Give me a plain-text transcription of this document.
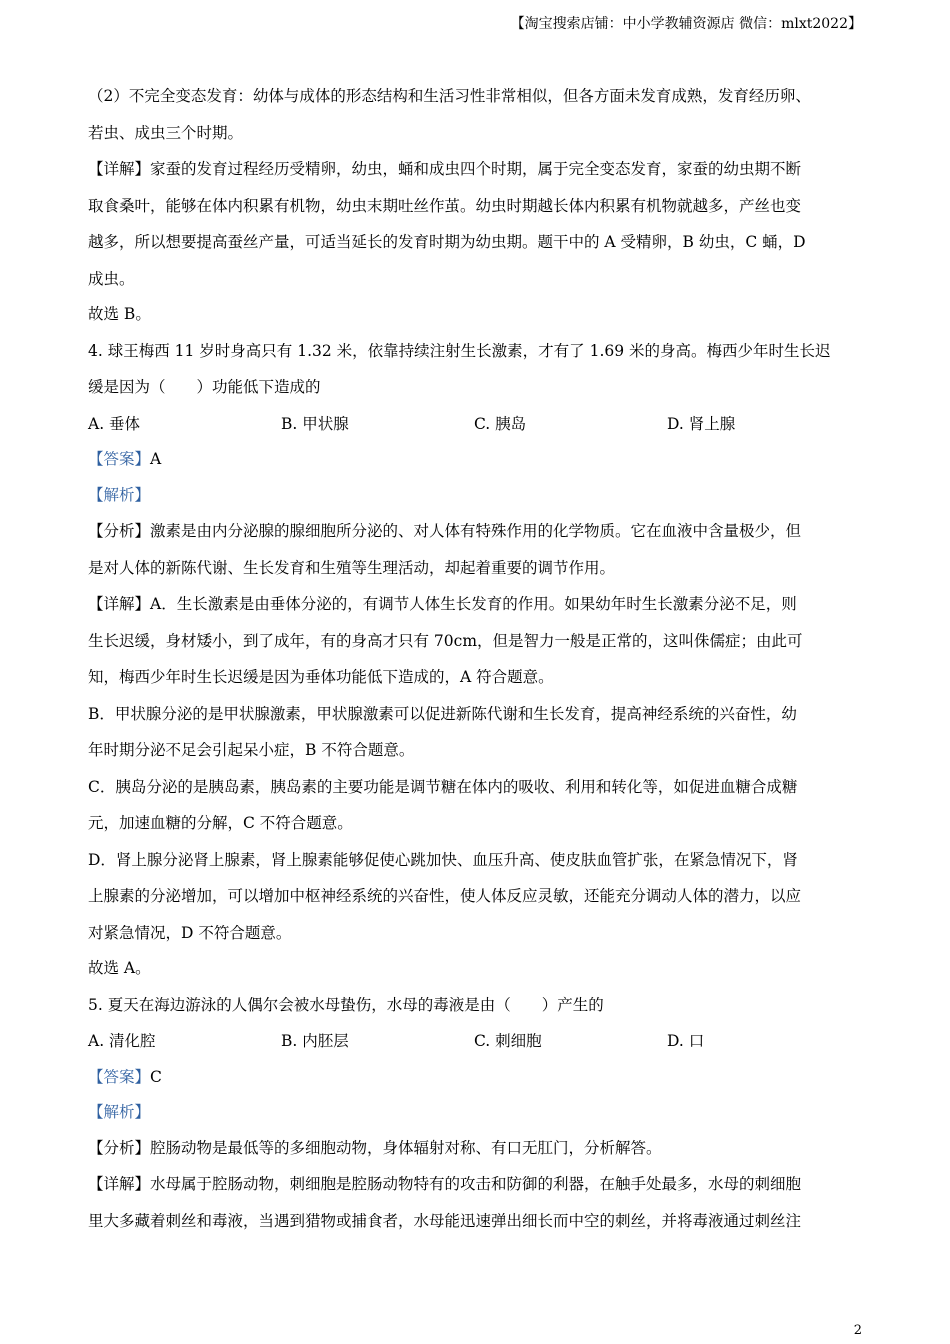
【淘宝搜索店铺：中小学教辅资源店 微信：mlxt2022】
（2）不完全变态发育：幼体与成体的形态结构和生活习性非常相似，但各方面未发育成熟，发育经历卵、
若虫、成虫三个时期。
【详解】家蚕的发育过程经历受精卵，幼虫，蛹和成虫四个时期，属于完全变态发育，家蚕的幼虫期不断
取食桑叶，能够在体内积累有机物，幼虫末期吐丝作茧。幼虫时期越长体内积累有机物就越多，产丝也变
越多，所以想要提高蚕丝产量，可适当延长的发育时期为幼虫期。题干中的 A 受精卵，B 幼虫，C 蛹，D
成虫。
故选 B。
4. 球王梅西 11 岁时身高只有 1.32 米，依靠持续注射生长激素，才有了 1.69 米的身高。梅西少年时生长迟
缓是因为（　　）功能低下造成的
A. 垂体	B. 甲状腺	C. 胰岛	D. 肾上腺
【答案】A
【解析】
【分析】激素是由内分泌腺的腺细胞所分泌的、对人体有特殊作用的化学物质。它在血液中含量极少，但
是对人体的新陈代谢、生长发育和生殖等生理活动，却起着重要的调节作用。
【详解】A．生长激素是由垂体分泌的，有调节人体生长发育的作用。如果幼年时生长激素分泌不足，则
生长迟缓，身材矮小，到了成年，有的身高才只有 70cm，但是智力一般是正常的，这叫侏儒症；由此可
知，梅西少年时生长迟缓是因为垂体功能低下造成的，A 符合题意。
B．甲状腺分泌的是甲状腺激素，甲状腺激素可以促进新陈代谢和生长发育，提高神经系统的兴奋性，幼
年时期分泌不足会引起呆小症，B 不符合题意。
C．胰岛分泌的是胰岛素，胰岛素的主要功能是调节糖在体内的吸收、利用和转化等，如促进血糖合成糖
元，加速血糖的分解，C 不符合题意。
D．肾上腺分泌肾上腺素，肾上腺素能够促使心跳加快、血压升高、使皮肤血管扩张，在紧急情况下，肾
上腺素的分泌增加，可以增加中枢神经系统的兴奋性，使人体反应灵敏，还能充分调动人体的潜力，以应
对紧急情况，D 不符合题意。
故选 A。
5. 夏天在海边游泳的人偶尔会被水母蛰伤，水母的毒液是由（　　）产生的
A. 清化腔	B. 内胚层	C. 刺细胞	D. 口
【答案】C
【解析】
【分析】腔肠动物是最低等的多细胞动物，身体辐射对称、有口无肛门，分析解答。
【详解】水母属于腔肠动物，刺细胞是腔肠动物特有的攻击和防御的利器，在触手处最多，水母的刺细胞
里大多藏着刺丝和毒液，当遇到猎物或捕食者，水母能迅速弹出细长而中空的刺丝，并将毒液通过刺丝注
2
